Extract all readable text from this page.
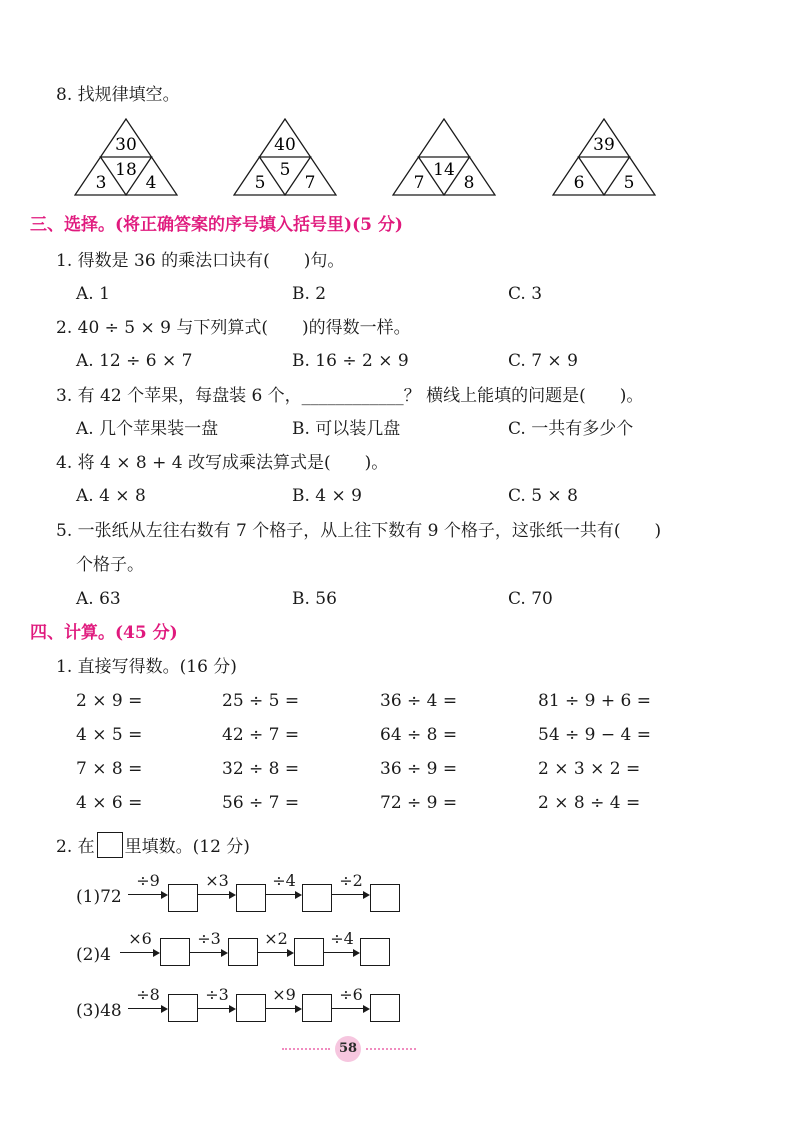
8. 找规律填空。
30
18
3 4
40
5
5 7
14
7 8
39
6 5
三、选择。(将正确答案的序号填入括号里)(5 分)
1. 得数是 36 的乘法口诀有(　　)句。
A. 1	B. 2	C. 3
2. 40 ÷ 5 × 9 与下列算式(　　)的得数一样。
A. 12 ÷ 6 × 7	B. 16 ÷ 2 × 9	C. 7 × 9
3. 有 42 个苹果，每盘装 6 个，____________？ 横线上能填的问题是(　　)。
A. 几个苹果装一盘	B. 可以装几盘	C. 一共有多少个
4. 将 4 × 8 + 4 改写成乘法算式是(　　)。
A. 4 × 8	B. 4 × 9	C. 5 × 8
5. 一张纸从左往右数有 7 个格子，从上往下数有 9 个格子，这张纸一共有(　　)
个格子。
A. 63	B. 56	C. 70
四、计算。(45 分)
1. 直接写得数。(16 分)
2 × 9 =	25 ÷ 5 =	36 ÷ 4 =	81 ÷ 9 + 6 =
4 × 5 =	42 ÷ 7 =	64 ÷ 8 =	54 ÷ 9 − 4 =
7 × 8 =	32 ÷ 8 =	36 ÷ 9 =	2 × 3 × 2 =
4 × 6 =	56 ÷ 7 =	72 ÷ 9 =	2 × 8 ÷ 4 =
2. 在 里填数。(12 分)
(1)72
÷9	×3	÷4	÷2
(2)4
×6	÷3	×2	÷4
(3)48
÷8	÷3	×9	÷6
58
